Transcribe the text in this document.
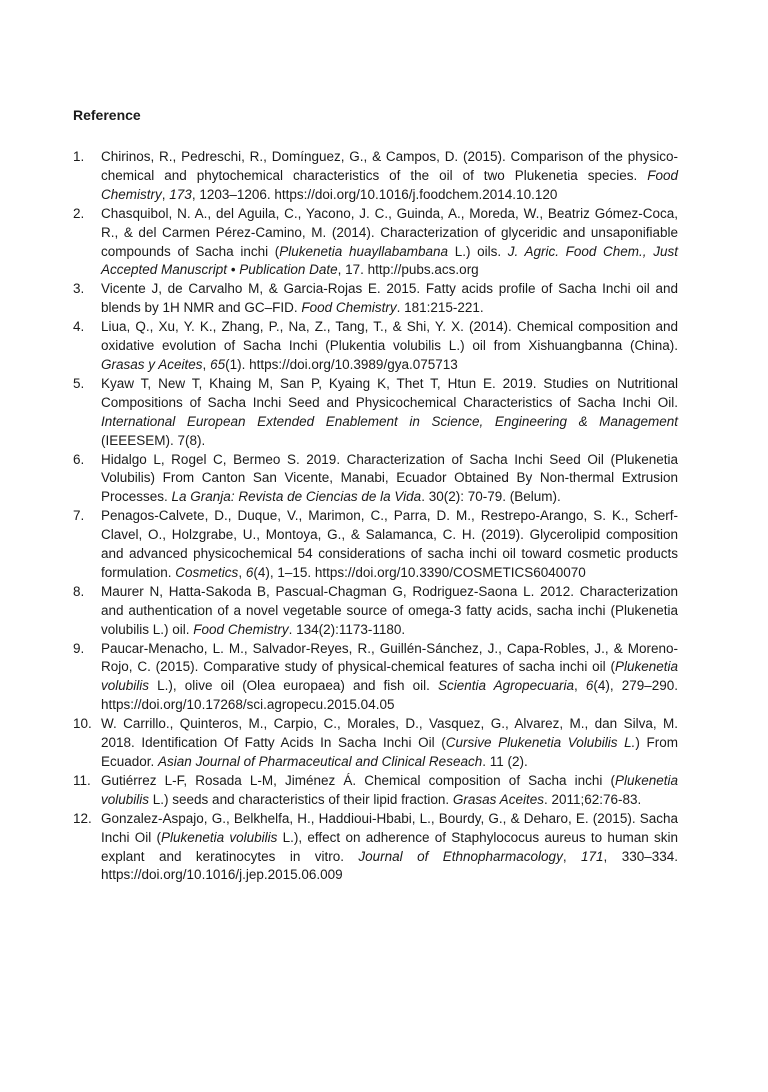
Reference
1. Chirinos, R., Pedreschi, R., Domínguez, G., & Campos, D. (2015). Comparison of the physico-chemical and phytochemical characteristics of the oil of two Plukenetia species. Food Chemistry, 173, 1203–1206. https://doi.org/10.1016/j.foodchem.2014.10.120
2. Chasquibol, N. A., del Aguila, C., Yacono, J. C., Guinda, A., Moreda, W., Beatriz Gómez-Coca, R., & del Carmen Pérez-Camino, M. (2014). Characterization of glyceridic and unsaponifiable compounds of Sacha inchi (Plukenetia huayllabambana L.) oils. J. Agric. Food Chem., Just Accepted Manuscript • Publication Date, 17. http://pubs.acs.org
3. Vicente J, de Carvalho M, & Garcia-Rojas E. 2015. Fatty acids profile of Sacha Inchi oil and blends by 1H NMR and GC–FID. Food Chemistry. 181:215-221.
4. Liua, Q., Xu, Y. K., Zhang, P., Na, Z., Tang, T., & Shi, Y. X. (2014). Chemical composition and oxidative evolution of Sacha Inchi (Plukentia volubilis L.) oil from Xishuangbanna (China). Grasas y Aceites, 65(1). https://doi.org/10.3989/gya.075713
5. Kyaw T, New T, Khaing M, San P, Kyaing K, Thet T, Htun E. 2019. Studies on Nutritional Compositions of Sacha Inchi Seed and Physicochemical Characteristics of Sacha Inchi Oil. International European Extended Enablement in Science, Engineering & Management (IEEESEM). 7(8).
6. Hidalgo L, Rogel C, Bermeo S. 2019. Characterization of Sacha Inchi Seed Oil (Plukenetia Volubilis) From Canton San Vicente, Manabi, Ecuador Obtained By Non-thermal Extrusion Processes. La Granja: Revista de Ciencias de la Vida. 30(2): 70-79. (Belum).
7. Penagos-Calvete, D., Duque, V., Marimon, C., Parra, D. M., Restrepo-Arango, S. K., Scherf-Clavel, O., Holzgrabe, U., Montoya, G., & Salamanca, C. H. (2019). Glycerolipid composition and advanced physicochemical 54 considerations of sacha inchi oil toward cosmetic products formulation. Cosmetics, 6(4), 1–15. https://doi.org/10.3390/COSMETICS6040070
8. Maurer N, Hatta-Sakoda B, Pascual-Chagman G, Rodriguez-Saona L. 2012. Characterization and authentication of a novel vegetable source of omega-3 fatty acids, sacha inchi (Plukenetia volubilis L.) oil. Food Chemistry. 134(2):1173-1180.
9. Paucar-Menacho, L. M., Salvador-Reyes, R., Guillén-Sánchez, J., Capa-Robles, J., & Moreno-Rojo, C. (2015). Comparative study of physical-chemical features of sacha inchi oil (Plukenetia volubilis L.), olive oil (Olea europaea) and fish oil. Scientia Agropecuaria, 6(4), 279–290. https://doi.org/10.17268/sci.agropecu.2015.04.05
10. W. Carrillo., Quinteros, M., Carpio, C., Morales, D., Vasquez, G., Alvarez, M., dan Silva, M. 2018. Identification Of Fatty Acids In Sacha Inchi Oil (Cursive Plukenetia Volubilis L.) From Ecuador. Asian Journal of Pharmaceutical and Clinical Reseach. 11 (2).
11. Gutiérrez L-F, Rosada L-M, Jiménez Á. Chemical composition of Sacha inchi (Plukenetia volubilis L.) seeds and characteristics of their lipid fraction. Grasas Aceites. 2011;62:76-83.
12. Gonzalez-Aspajo, G., Belkhelfa, H., Haddioui-Hbabi, L., Bourdy, G., & Deharo, E. (2015). Sacha Inchi Oil (Plukenetia volubilis L.), effect on adherence of Staphylococus aureus to human skin explant and keratinocytes in vitro. Journal of Ethnopharmacology, 171, 330–334. https://doi.org/10.1016/j.jep.2015.06.009
